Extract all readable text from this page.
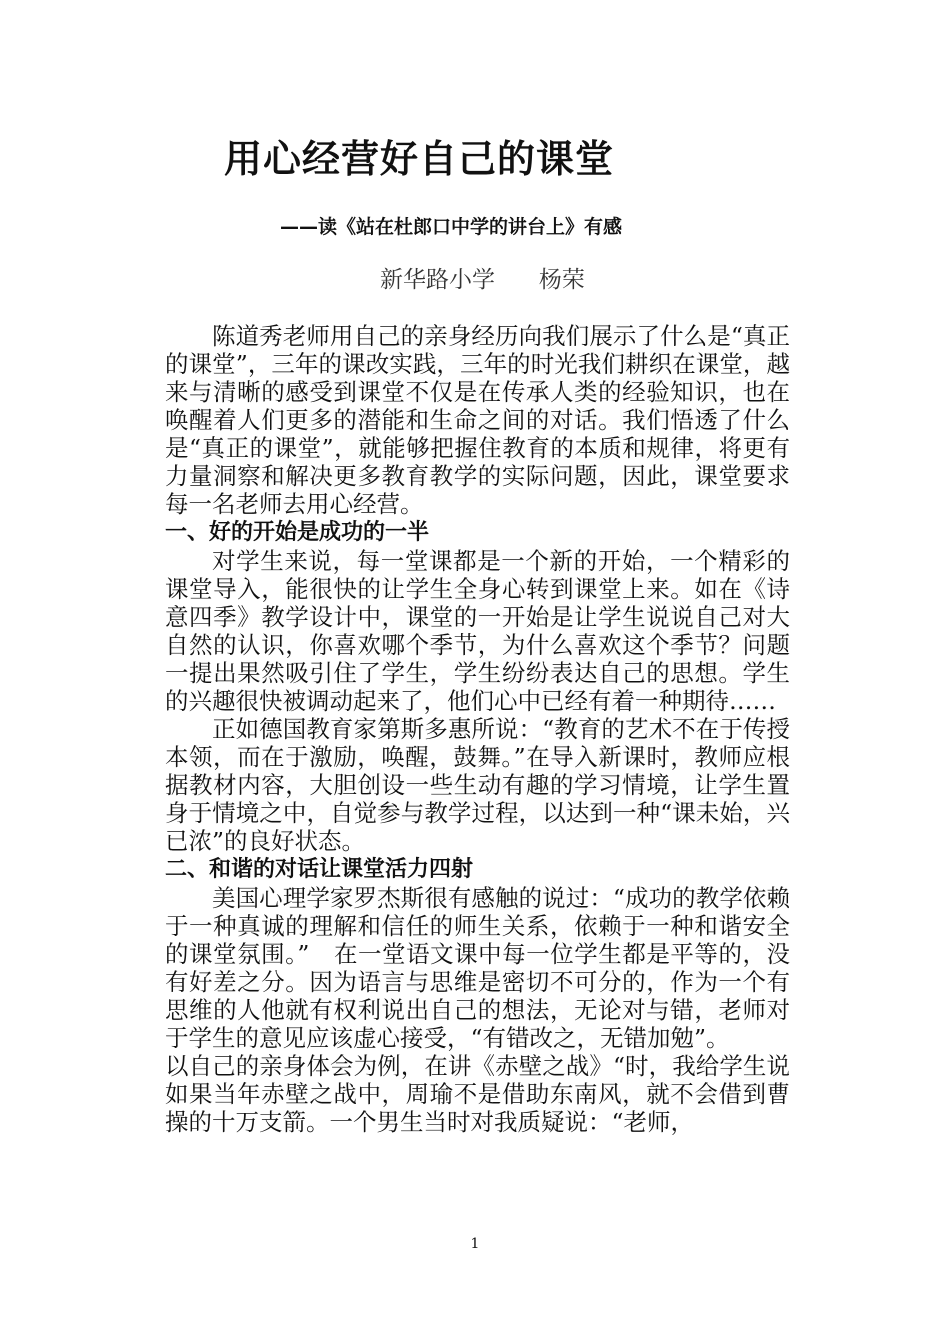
用心经营好自己的课堂
——读《站在杜郎口中学的讲台上》有感
新华路小学      杨荣

陈道秀老师用自己的亲身经历向我们展示了什么是“真正的课堂”，三年的课改实践，三年的时光我们耕织在课堂，越来与清晰的感受到课堂不仅是在传承人类的经验知识，也在唤醒着人们更多的潜能和生命之间的对话。我们悟透了什么是“真正的课堂”，就能够把握住教育的本质和规律，将更有力量洞察和解决更多教育教学的实际问题，因此，课堂要求每一名老师去用心经营。

一、好的开始是成功的一半

对学生来说，每一堂课都是一个新的开始，一个精彩的课堂导入，能很快的让学生全身心转到课堂上来。如在《诗意四季》教学设计中，课堂的一开始是让学生说说自己对大自然的认识，你喜欢哪个季节，为什么喜欢这个季节？问题一提出果然吸引住了学生，学生纷纷表达自己的思想。学生的兴趣很快被调动起来了，他们心中已经有着一种期待……

正如德国教育家第斯多惠所说：“教育的艺术不在于传授本领，而在于激励，唤醒，鼓舞。”在导入新课时，教师应根据教材内容，大胆创设一些生动有趣的学习情境，让学生置身于情境之中，自觉参与教学过程，以达到一种“课未始，兴已浓”的良好状态。

二、和谐的对话让课堂活力四射

美国心理学家罗杰斯很有感触的说过：“成功的教学依赖于一种真诚的理解和信任的师生关系，依赖于一种和谐安全的课堂氛围。”　在一堂语文课中每一位学生都是平等的，没有好差之分。因为语言与思维是密切不可分的，作为一个有思维的人他就有权利说出自己的想法，无论对与错，老师对于学生的意见应该虚心接受，“有错改之，无错加勉”。

以自己的亲身体会为例，在讲《赤壁之战》“时，我给学生说如果当年赤壁之战中，周瑜不是借助东南风，就不会借到曹操的十万支箭。一个男生当时对我质疑说：“老师，

1
